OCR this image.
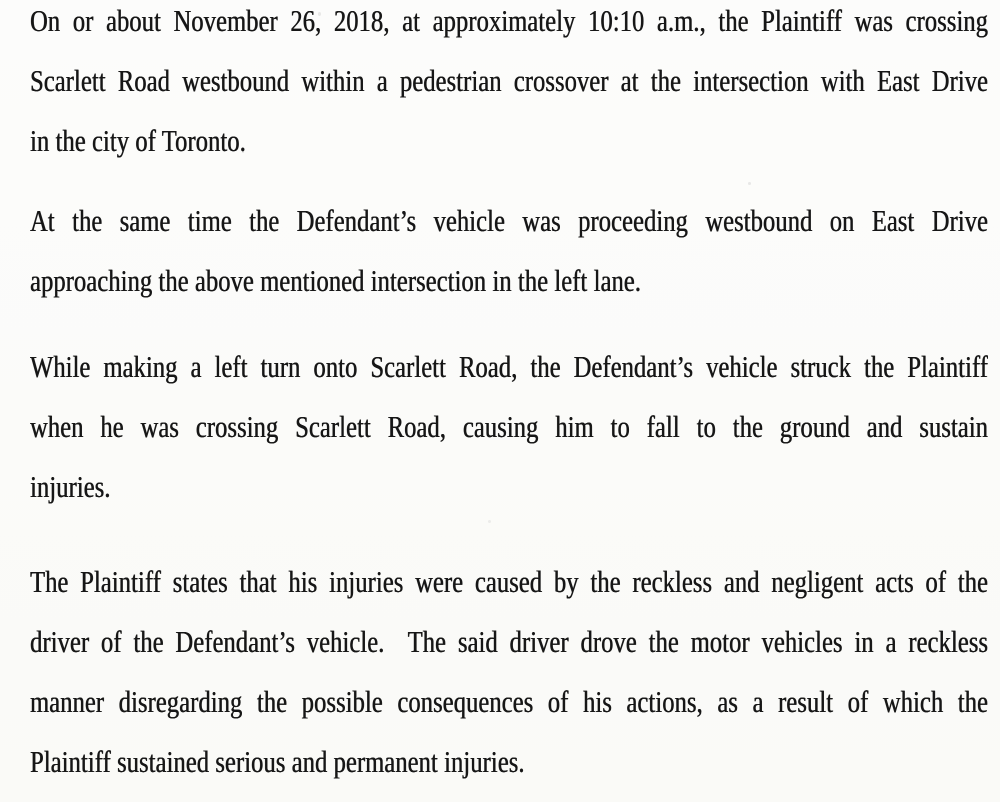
On or about November 26, 2018, at approximately 10:10 a.m., the Plaintiff was crossing
Scarlett Road westbound within a pedestrian crossover at the intersection with East Drive
in the city of Toronto.
At the same time the Defendant’s vehicle was proceeding westbound on East Drive
approaching the above mentioned intersection in the left lane.
While making a left turn onto Scarlett Road, the Defendant’s vehicle struck the Plaintiff
when he was crossing Scarlett Road, causing him to fall to the ground and sustain
injuries.
The Plaintiff states that his injuries were caused by the reckless and negligent acts of the
driver of the Defendant’s vehicle.  The said driver drove the motor vehicles in a reckless
manner disregarding the possible consequences of his actions, as a result of which the
Plaintiff sustained serious and permanent injuries.
